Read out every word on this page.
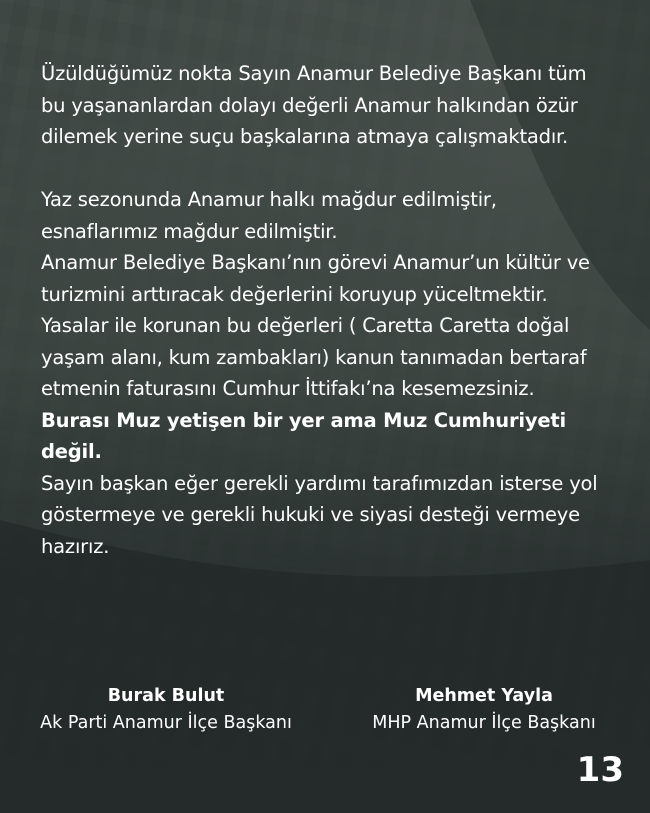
Üzüldüğümüz nokta Sayın Anamur Belediye Başkanı tüm bu yaşananlardan dolayı değerli Anamur halkından özür dilemek yerine suçu başkalarına atmaya çalışmaktadır.

Yaz sezonunda Anamur halkı mağdur edilmiştir, esnaflarımız mağdur edilmiştir.

Anamur Belediye Başkanı’nın görevi Anamur’un kültür ve turizmini arttıracak değerlerini koruyup yüceltmektir. Yasalar ile korunan bu değerleri ( Caretta Caretta doğal yaşam alanı, kum zambakları) kanun tanımadan bertaraf etmenin faturasını Cumhur İttifakı’na kesemezsiniz.

Burası Muz yetişen bir yer ama Muz Cumhuriyeti değil.

Sayın başkan eğer gerekli yardımı tarafımızdan isterse yol göstermeye ve gerekli hukuki ve siyasi desteği vermeye hazırız.

Burak Bulut
Ak Parti Anamur İlçe Başkanı
Mehmet Yayla
MHP Anamur İlçe Başkanı
13
